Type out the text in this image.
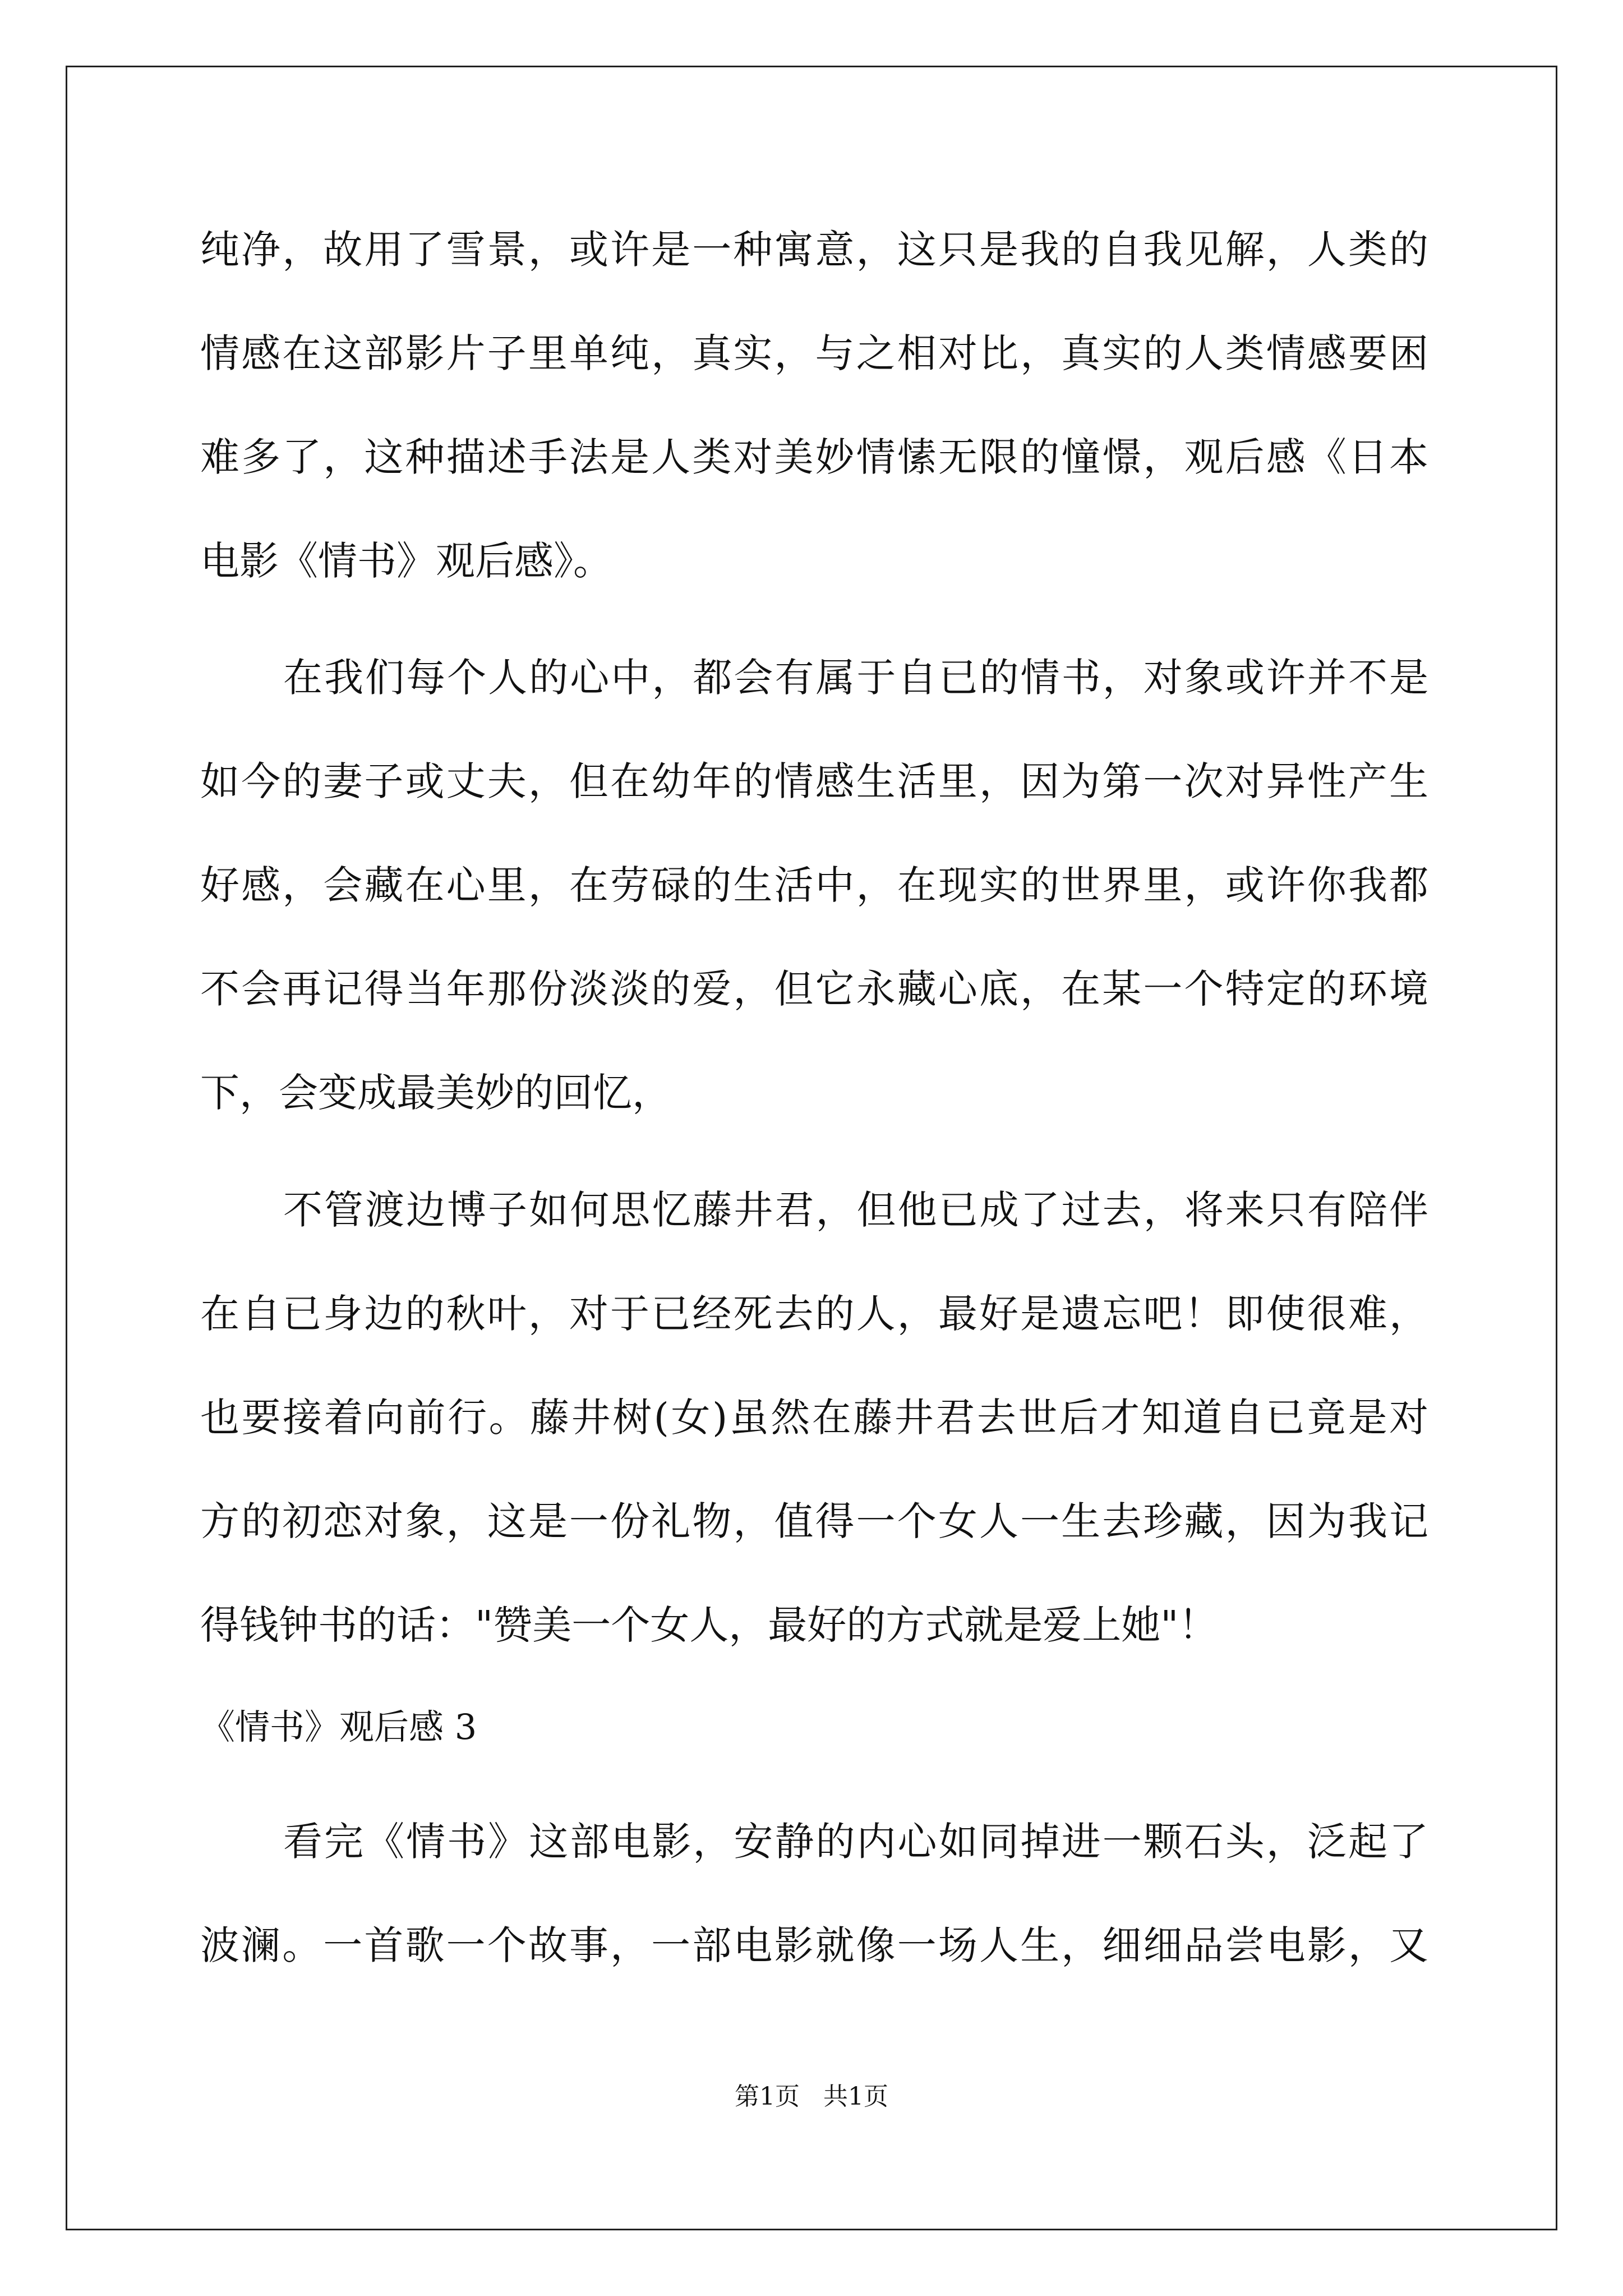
纯净，故用了雪景，或许是一种寓意，这只是我的自我见解，人类的
情感在这部影片子里单纯，真实，与之相对比，真实的人类情感要困
难多了，这种描述手法是人类对美妙情愫无限的憧憬，观后感《日本
电影《情书》观后感》。
在我们每个人的心中，都会有属于自已的情书，对象或许并不是
如今的妻子或丈夫，但在幼年的情感生活里，因为第一次对异性产生
好感，会藏在心里，在劳碌的生活中，在现实的世界里，或许你我都
不会再记得当年那份淡淡的爱，但它永藏心底，在某一个特定的环境
下，会变成最美妙的回忆，
不管渡边博子如何思忆藤井君，但他已成了过去，将来只有陪伴
在自已身边的秋叶，对于已经死去的人，最好是遗忘吧！即使很难，
也要接着向前行。藤井树(女)虽然在藤井君去世后才知道自已竟是对
方的初恋对象，这是一份礼物，值得一个女人一生去珍藏，因为我记
得钱钟书的话："赞美一个女人，最好的方式就是爱上她"！
《情书》观后感 3
看完《情书》这部电影，安静的内心如同掉进一颗石头，泛起了
波澜。一首歌一个故事，一部电影就像一场人生，细细品尝电影，又
第1页   共1页
